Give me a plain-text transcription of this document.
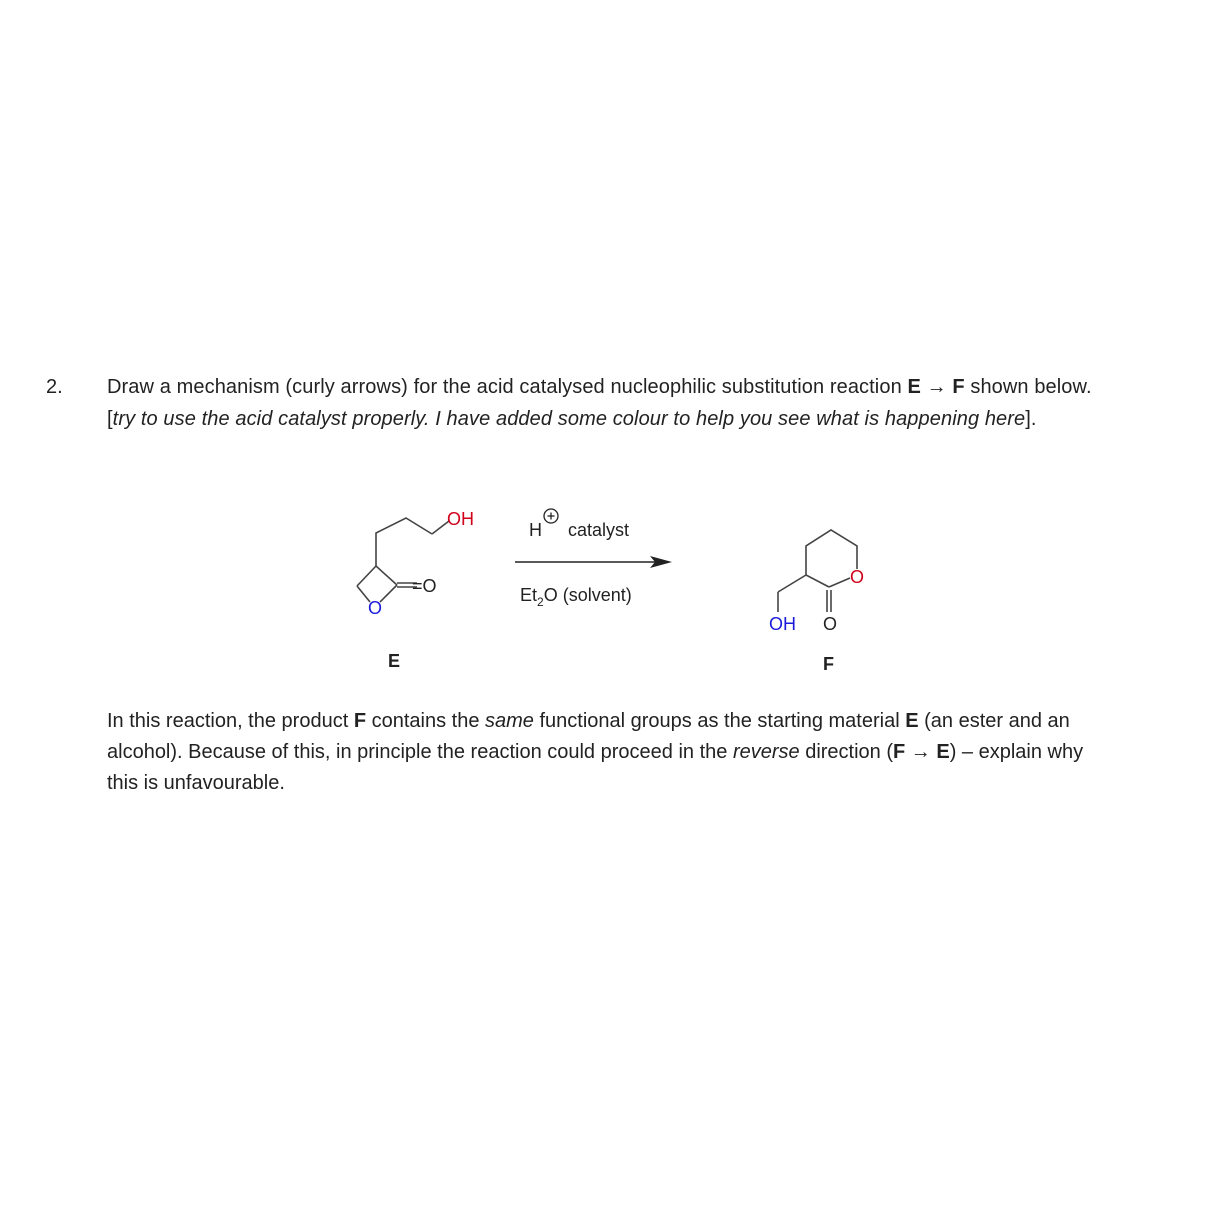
2. Draw a mechanism (curly arrows) for the acid catalysed nucleophilic substitution reaction E → F shown below.
[try to use the acid catalyst properly. I have added some colour to help you see what is happening here].
OH
O
=O
E
H catalyst
$Et_2O$ (solvent)
O
OH O
F

In this reaction, the product F contains the same functional groups as the starting material E (an ester and an

alcohol). Because of this, in principle the reaction could proceed in the reverse direction (F → E) – explain why

this is unfavourable.
